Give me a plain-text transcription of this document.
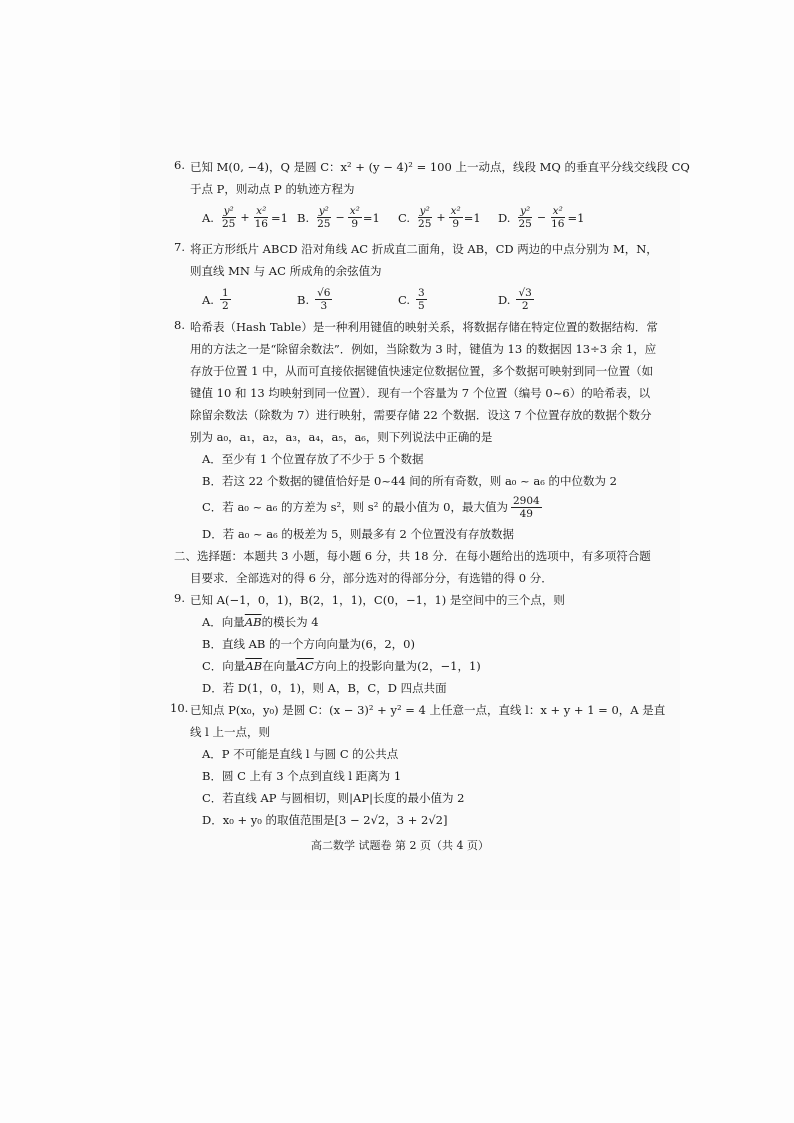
6. 已知 M(0, −4)，Q 是圆 C：x² + (y − 4)² = 100 上一动点，线段 MQ 的垂直平分线交线段 CQ
于点 P，则动点 P 的轨迹方程为
A. $\frac{\text{y²}}{25} + \frac{\text{x²}}{16} =1$ B. $\frac{\text{y²}}{25} - \frac{\text{x²}}{9} =1$ C. $\frac{\text{y²}}{25} + \frac{\text{x²}}{9} =1$ D. $\frac{\text{y²}}{25} - \frac{\text{x²}}{16} =1$
7. 将正方形纸片 ABCD 沿对角线 AC 折成直二面角，设 AB，CD 两边的中点分别为 M，N，
则直线 MN 与 AC 所成角的余弦值为
A. $\frac{1}{2}$	B. $\frac{√6}{3}$	C. $\frac{3}{5}$	D. $\frac{√3}{2}$
8. 哈希表（Hash Table）是一种利用键值的映射关系，将数据存储在特定位置的数据结构．常
用的方法之一是“除留余数法”．例如，当除数为 3 时，键值为 13 的数据因 13÷3 余 1，应
存放于位置 1 中，从而可直接依据键值快速定位数据位置，多个数据可映射到同一位置（如
键值 10 和 13 均映射到同一位置）．现有一个容量为 7 个位置（编号 0~6）的哈希表，以
除留余数法（除数为 7）进行映射，需要存储 22 个数据．设这 7 个位置存放的数据个数分
别为 a₀，a₁，a₂，a₃，a₄，a₅，a₆，则下列说法中正确的是
A．至少有 1 个位置存放了不少于 5 个数据
B．若这 22 个数据的键值恰好是 0~44 间的所有奇数，则 a₀ ~ a₆ 的中位数为 2
C．若 a₀ ~ a₆ 的方差为 s²，则 s² 的最小值为 0，最大值为 $\frac{2904}{49}$
D．若 a₀ ~ a₆ 的极差为 5，则最多有 2 个位置没有存放数据
二、选择题：本题共 3 小题，每小题 6 分，共 18 分．在每小题给出的选项中，有多项符合题
目要求．全部选对的得 6 分，部分选对的得部分分，有选错的得 0 分．
9. 已知 A(−1，0，1)，B(2，1，1)，C(0，−1，1) 是空间中的三个点，则
A．向量$\overline{AB}$的模长为 4
B．直线 AB 的一个方向向量为(6，2，0)
C．向量$\overline{AB}$在向量$\overline{AC}$方向上的投影向量为(2，−1，1)
D．若 D(1，0，1)，则 A，B，C，D 四点共面
10. 已知点 P(x₀，y₀) 是圆 C：(x − 3)² + y² = 4 上任意一点，直线 l：x + y + 1 = 0，A 是直
线 l 上一点，则
A．P 不可能是直线 l 与圆 C 的公共点
B．圆 C 上有 3 个点到直线 l 距离为 1
C．若直线 AP 与圆相切，则|AP|长度的最小值为 2
D．x₀ + y₀ 的取值范围是[3 − 2√2，3 + 2√2]
高二数学 试题卷 第 2 页（共 4 页）
